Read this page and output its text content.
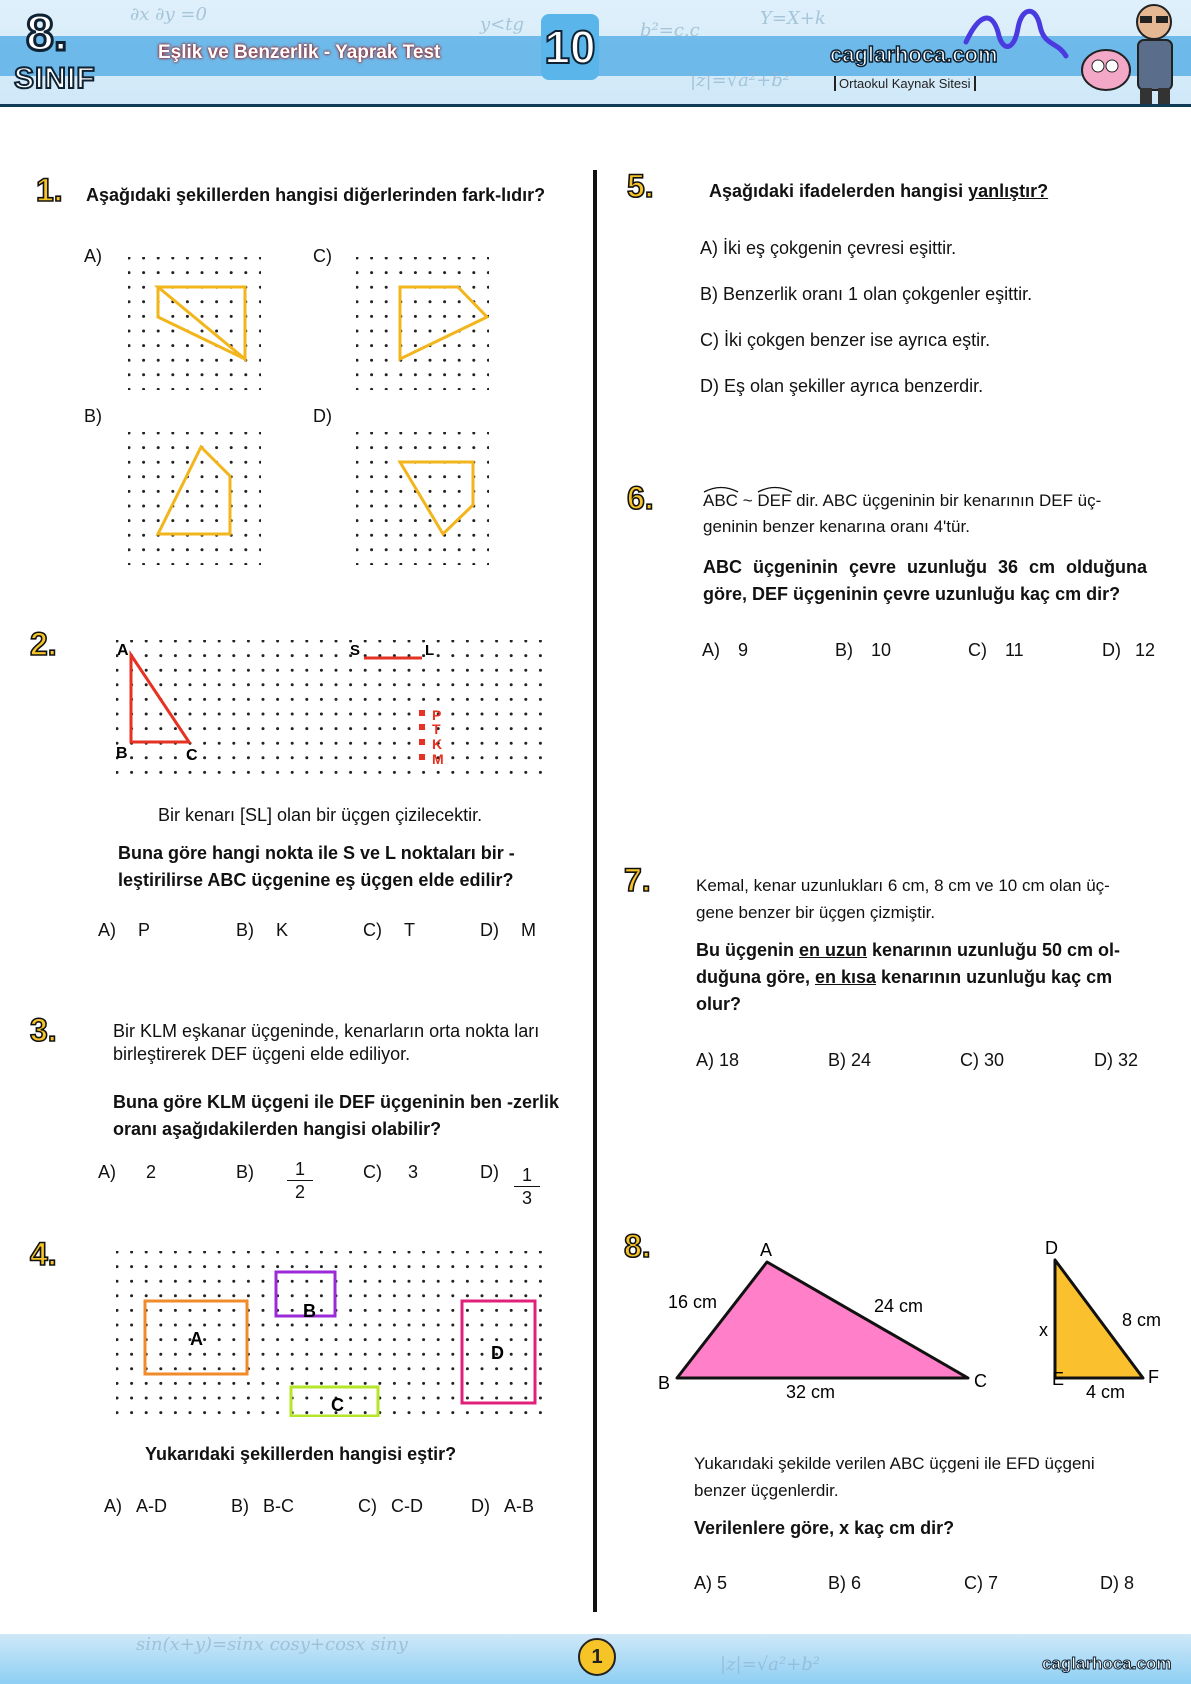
∂x ∂y =0	y<tg	b²=c.c
Y=X+k
|z|=√a²+b²
8.
SINIF
Eşlik ve Benzerlik - Yaprak Test 10	caglarhoca.com
Ortaokul Kaynak Sitesi
1. Aşağıdaki şekillerden hangisi diğerlerinden fark-lıdır?
A)	C)
B)	D)
2.	A
B	C
S	L
P
T
K
M
Bir kenarı [SL] olan bir üçgen çizilecektir.
Buna göre hangi nokta ile S ve L noktaları bir -leştirilirse ABC üçgenine eş üçgen elde edilir?
A) P	B) K	C) T	D) M
3.	Bir KLM eşkanar üçgeninde, kenarların orta nokta ları birleştirerek DEF üçgeni elde ediliyor.
Buna göre KLM üçgeni ile DEF üçgeninin ben -zerlik oranı aşağıdakilerden hangisi olabilir?
A) 2	$B) \frac{1}{2}$	C) 3	$D) \frac{1}{3}$
4.
A
B
C
D
Yukarıdaki şekillerden hangisi eştir?
A) A-D	B) B-C	C) C-D	D) A-B
5.	Aşağıdaki ifadelerden hangisi yanlıştır?
A) İki eş çokgenin çevresi eşittir.
B) Benzerlik oranı 1 olan çokgenler eşittir.
C) İki çokgen benzer ise ayrıca eştir.
D) Eş olan şekiller ayrıca benzerdir.
6.	ABC ~ DEF dir. ABC üçgeninin bir kenarının DEF üç-
geninin benzer kenarına oranı 4'tür.
ABC üçgeninin çevre uzunluğu 36 cm olduğuna göre, DEF üçgeninin çevre uzunluğu kaç cm dir?
A) 9	B) 10	C) 11	D) 12
7.	Kemal, kenar uzunlukları 6 cm, 8 cm ve 10 cm olan üç-gene benzer bir üçgen çizmiştir.
Bu üçgenin en uzun kenarının uzunluğu 50 cm ol-duğuna göre, en kısa kenarının uzunluğu kaç cm olur?
A) 18	B) 24	C) 30	D) 32
8.	A
B	C
16 cm	24 cm
32 cm
D
E	F
x	8 cm
4 cm
Yukarıdaki şekilde verilen ABC üçgeni ile EFD üçgeni benzer üçgenlerdir.
Verilenlere göre, x kaç cm dir?
A) 5	B) 6	C) 7	D) 8
sin(x+y)=sinx cosy+cosx siny
|z|=√a²+b²
1	caglarhoca.com
